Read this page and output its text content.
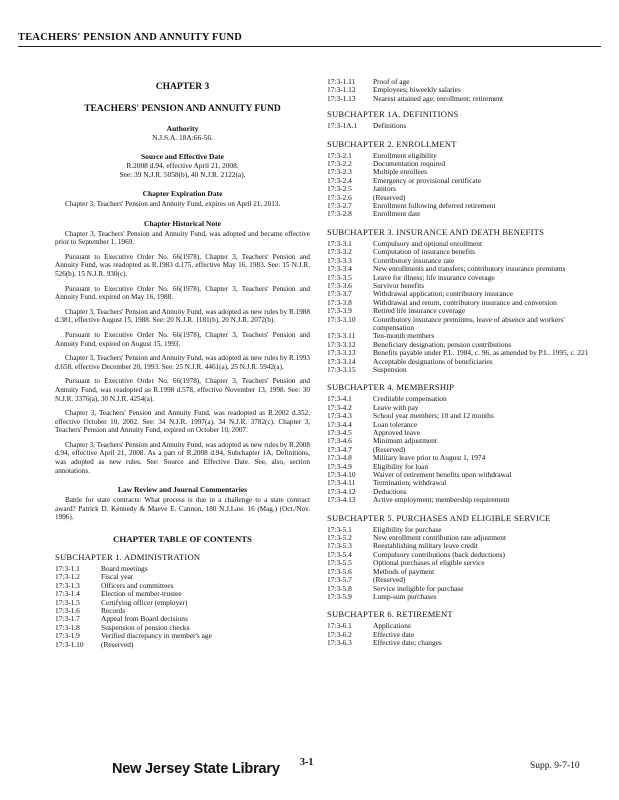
TEACHERS' PENSION AND ANNUITY FUND
CHAPTER 3
TEACHERS' PENSION AND ANNUITY FUND
Authority
N.J.S.A. 18A:66-56.
Source and Effective Date
R.2008 d.94, effective April 21, 2008.
See: 39 N.J.R. 5058(b), 40 N.J.R. 2122(a).
Chapter Expiration Date
Chapter 3, Teachers' Pension and Annuity Fund, expires on April 21, 2013.
Chapter Historical Note
Chapter 3, Teachers' Pension and Annuity Fund, was adopted and became effective prior to September 1, 1969.
Pursuant to Executive Order No. 66(1978), Chapter 3, Teachers' Pension and Annuity Fund, was readopted as R.1983 d.175, effective May 16, 1983. See: 15 N.J.R. 526(b), 15 N.J.R. 930(c).
Pursuant to Executive Order No. 66(1978), Chapter 3, Teachers' Pension and Annuity Fund, expired on May 16, 1988.
Chapter 3, Teachers' Pension and Annuity Fund, was adopted as new rules by R.1988 d.381, effective August 15, 1988. See: 20 N.J.R. 1181(b), 20 N.J.R. 2072(b).
Pursuant to Executive Order No. 66(1978), Chapter 3, Teachers' Pension and Annuity Fund, expired on August 15, 1993.
Chapter 3, Teachers' Pension and Annuity Fund, was adopted as new rules by R.1993 d.658, effective December 20, 1993. See: 25 N.J.R. 4461(a), 25 N.J.R. 5942(a).
Pursuant to Executive Order No. 66(1978), Chapter 3, Teachers' Pension and Annuity Fund, was readopted as R.1998 d.578, effective November 13, 1998. See: 30 N.J.R. 3376(a), 30 N.J.R. 4254(a).
Chapter 3, Teachers' Pension and Annuity Fund, was readopted as R.2002 d.352, effective October 10, 2002. See: 34 N.J.R. 1997(a), 34 N.J.R. 3782(c). Chapter 3, Teachers' Pension and Annuity Fund, expired on October 10, 2007.
Chapter 3, Teachers' Pension and Annuity Fund, was adopted as new rules by R.2008 d.94, effective April 21, 2008. As a part of R.2008 d.94, Subchapter 1A, Definitions, was adopted as new rules. See: Source and Effective Date. See, also, section annotations.
Law Review and Journal Commentaries
Battle for state contracts: What process is due in a challenge to a state contract award? Patrick D. Kennedy & Maeve E. Cannon, 180 N.J.Law. 16 (Mag.) (Oct./Nov. 1996).
CHAPTER TABLE OF CONTENTS
SUBCHAPTER 1. ADMINISTRATION
17:3-1.1	Board meetings
17:3-1.2	Fiscal year
17:3-1.3	Officers and committees
17:3-1.4	Election of member-trustee
17:3-1.5	Certifying officer (employer)
17:3-1.6	Records
17:3-1.7	Appeal from Board decisions
17:3-1.8	Suspension of pension checks
17:3-1.9	Verified discrepancy in member's age
17:3-1.10	(Reserved)
17:3-1.11	Proof of age
17:3-1.12	Employees; biweekly salaries
17:3-1.13	Nearest attained age; enrollment; retirement
SUBCHAPTER 1A. DEFINITIONS
17:3-1A.1	Definitions
SUBCHAPTER 2. ENROLLMENT
17:3-2.1	Enrollment eligibility
17:3-2.2	Documentation required
17:3-2.3	Multiple enrollees
17:3-2.4	Emergency or provisional certificate
17:3-2.5	Janitors
17:3-2.6	(Reserved)
17:3-2.7	Enrollment following deferred retirement
17:3-2.8	Enrollment date
SUBCHAPTER 3. INSURANCE AND DEATH BENEFITS
17:3-3.1	Compulsory and optional enrollment
17:3-3.2	Computation of insurance benefits
17:3-3.3	Contributory insurance rate
17:3-3.4	New enrollments and transfers; contributory insurance premiums
17:3-3.5	Leave for illness; life insurance coverage
17:3-3.6	Survivor benefits
17:3-3.7	Withdrawal application; contributory insurance
17:3-3.8	Withdrawal and return, contributory insurance and conversion
17:3-3.9	Retired life insurance coverage
17:3-3.10	Contributory insurance premiums, leave of absence and workers' compensation
17:3-3.11	Ten-month members
17:3-3.12	Beneficiary designation; pension contributions
17:3-3.13	Benefits payable under P.L. 1984, c. 96, as amended by P.L. 1995, c. 221
17:3-3.14	Acceptable designations of beneficiaries
17:3-3.15	Suspension
SUBCHAPTER 4. MEMBERSHIP
17:3-4.1	Creditable compensation
17:3-4.2	Leave with pay
17:3-4.3	School year members; 10 and 12 months
17:3-4.4	Loan tolerance
17:3-4.5	Approved leave
17:3-4.6	Minimum adjustment
17:3-4.7	(Reserved)
17:3-4.8	Military leave prior to August 1, 1974
17:3-4.9	Eligibility for loan
17:3-4.10	Waiver of retirement benefits upon withdrawal
17:3-4.11	Termination; withdrawal
17:3-4.12	Deductions
17:3-4.13	Active employment; membership requirement
SUBCHAPTER 5. PURCHASES AND ELIGIBLE SERVICE
17:3-5.1	Eligibility for purchase
17:3-5.2	New enrollment contribution rate adjustment
17:3-5.3	Reestablishing military leave credit
17:3-5.4	Compulsory contributions (back deductions)
17:3-5.5	Optional purchases of eligible service
17:3-5.6	Methods of payment
17:3-5.7	(Reserved)
17:3-5.8	Service ineligible for purchase
17:3-5.9	Lump-sum purchases
SUBCHAPTER 6. RETIREMENT
17:3-6.1	Applications
17:3-6.2	Effective date
17:3-6.3	Effective date; changes
New Jersey State Library 3-1	Supp. 9-7-10
